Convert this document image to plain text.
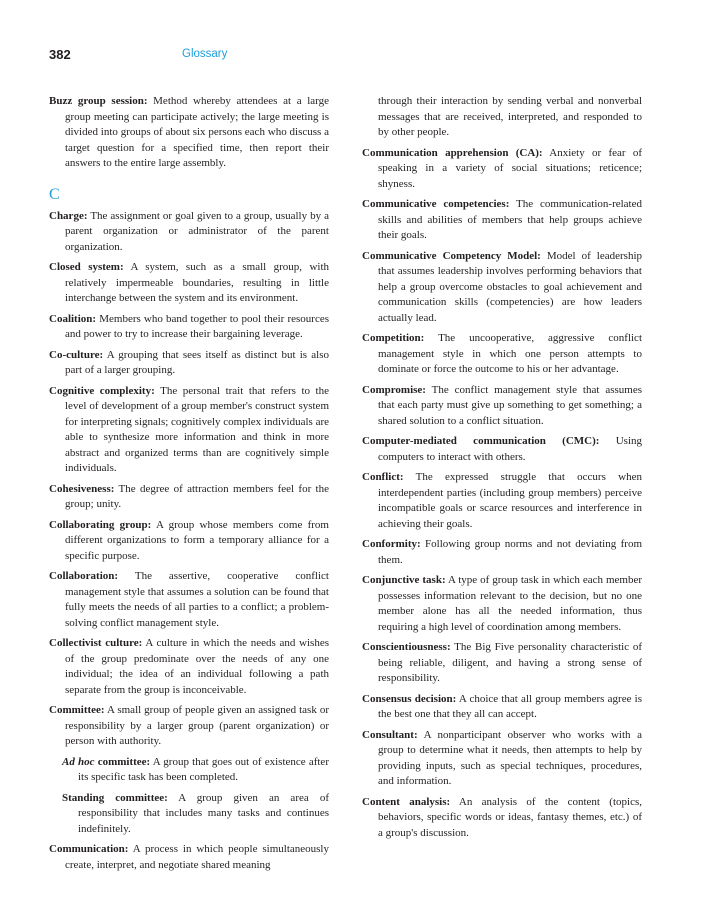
382	Glossary

Buzz group session: Method whereby attendees at a large group meeting can participate actively; the large meeting is divided into groups of about six persons each who discuss a target question for a specified time, then report their answers to the entire large assembly.

C

Charge: The assignment or goal given to a group, usually by a parent organization or administrator of the parent organization.

Closed system: A system, such as a small group, with relatively impermeable boundaries, resulting in little interchange between the system and its environment.

Coalition: Members who band together to pool their resources and power to try to increase their bargaining leverage.

Co-culture: A grouping that sees itself as distinct but is also part of a larger grouping.

Cognitive complexity: The personal trait that refers to the level of development of a group member's construct system for interpreting signals; cognitively complex individuals are able to synthesize more information and think in more abstract and organized terms than are cognitively simple individuals.

Cohesiveness: The degree of attraction members feel for the group; unity.

Collaborating group: A group whose members come from different organizations to form a temporary alliance for a specific purpose.

Collaboration: The assertive, cooperative conflict management style that assumes a solution can be found that fully meets the needs of all parties to a conflict; a problem-solving conflict management style.

Collectivist culture: A culture in which the needs and wishes of the group predominate over the needs of any one individual; the idea of an individual following a path separate from the group is inconceivable.

Committee: A small group of people given an assigned task or responsibility by a larger group (parent organization) or person with authority.

Ad hoc committee: A group that goes out of existence after its specific task has been completed.

Standing committee: A group given an area of responsibility that includes many tasks and continues indefinitely.

Communication: A process in which people simultaneously create, interpret, and negotiate shared meaning

through their interaction by sending verbal and nonverbal messages that are received, interpreted, and responded to by other people.

Communication apprehension (CA): Anxiety or fear of speaking in a variety of social situations; reticence; shyness.

Communicative competencies: The communication-related skills and abilities of members that help groups achieve their goals.

Communicative Competency Model: Model of leadership that assumes leadership involves performing behaviors that help a group overcome obstacles to goal achievement and communication skills (competencies) are how leaders actually lead.

Competition: The uncooperative, aggressive conflict management style in which one person attempts to dominate or force the outcome to his or her advantage.

Compromise: The conflict management style that assumes that each party must give up something to get something; a shared solution to a conflict situation.

Computer-mediated communication (CMC): Using computers to interact with others.

Conflict: The expressed struggle that occurs when interdependent parties (including group members) perceive incompatible goals or scarce resources and interference in achieving their goals.

Conformity: Following group norms and not deviating from them.

Conjunctive task: A type of group task in which each member possesses information relevant to the decision, but no one member alone has all the needed information, thus requiring a high level of coordination among members.

Conscientiousness: The Big Five personality characteristic of being reliable, diligent, and having a strong sense of responsibility.

Consensus decision: A choice that all group members agree is the best one that they all can accept.

Consultant: A nonparticipant observer who works with a group to determine what it needs, then attempts to help by providing inputs, such as special techniques, procedures, and information.

Content analysis: An analysis of the content (topics, behaviors, specific words or ideas, fantasy themes, etc.) of a group's discussion.
